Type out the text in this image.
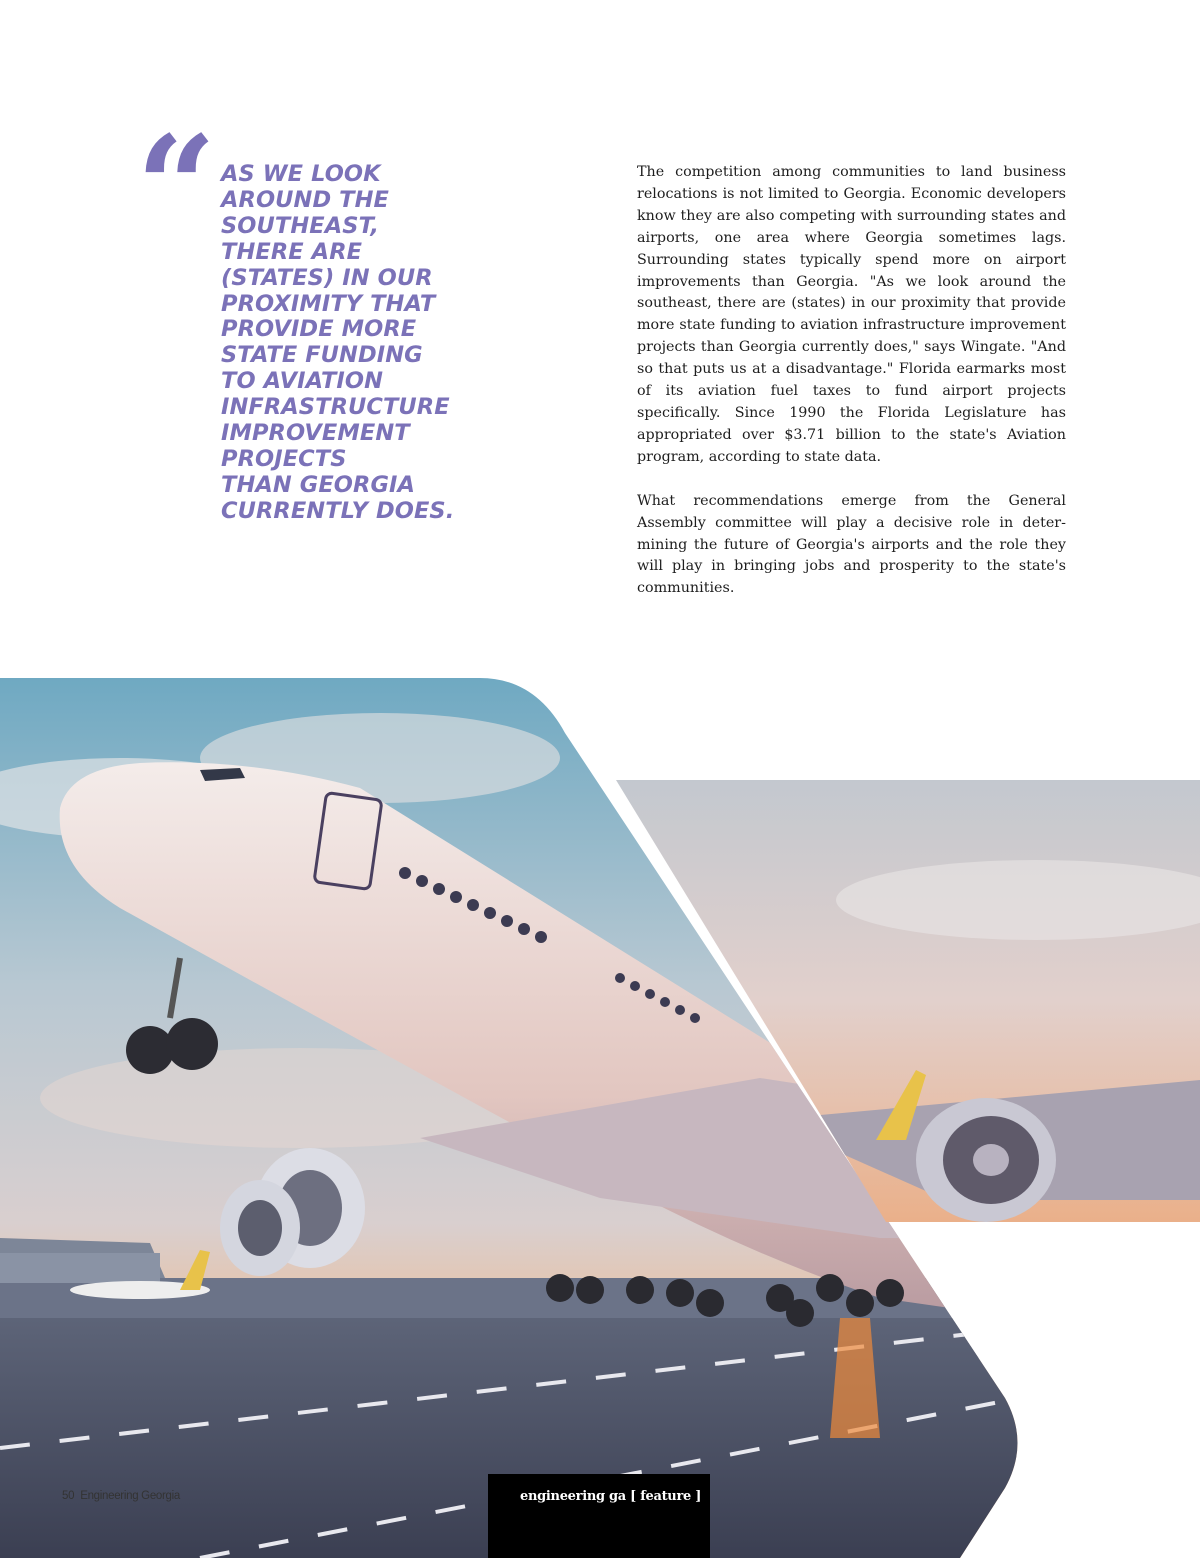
“ AS WE LOOK
AROUND THE
SOUTHEAST,
THERE ARE
(STATES) IN OUR
PROXIMITY THAT
PROVIDE MORE
STATE FUNDING
TO AVIATION
INFRASTRUCTURE
IMPROVEMENT
PROJECTS
THAN GEORGIA
CURRENTLY DOES.

The competition among communities to land business relocations is not limited to Georgia. Economic developers know they are also competing with surrounding states and airports, one area where Georgia sometimes lags. Surrounding states typically spend more on airport improvements than Georgia. "As we look around the southeast, there are (states) in our proximity that provide more state funding to aviation infrastructure improvement projects than Georgia currently does," says Wingate. "And so that puts us at a disadvantage." Florida earmarks most of its aviation fuel taxes to fund airport projects specifically. Since 1990 the Florida Legislature has appropriated over $3.71 billion to the state's Aviation program, according to state data.

What recommendations emerge from the General Assembly committee will play a decisive role in determining the future of Georgia's airports and the role they will play in bringing jobs and prosperity to the state's communities.

50 Engineering Georgia	engineering ga [ feature ]
